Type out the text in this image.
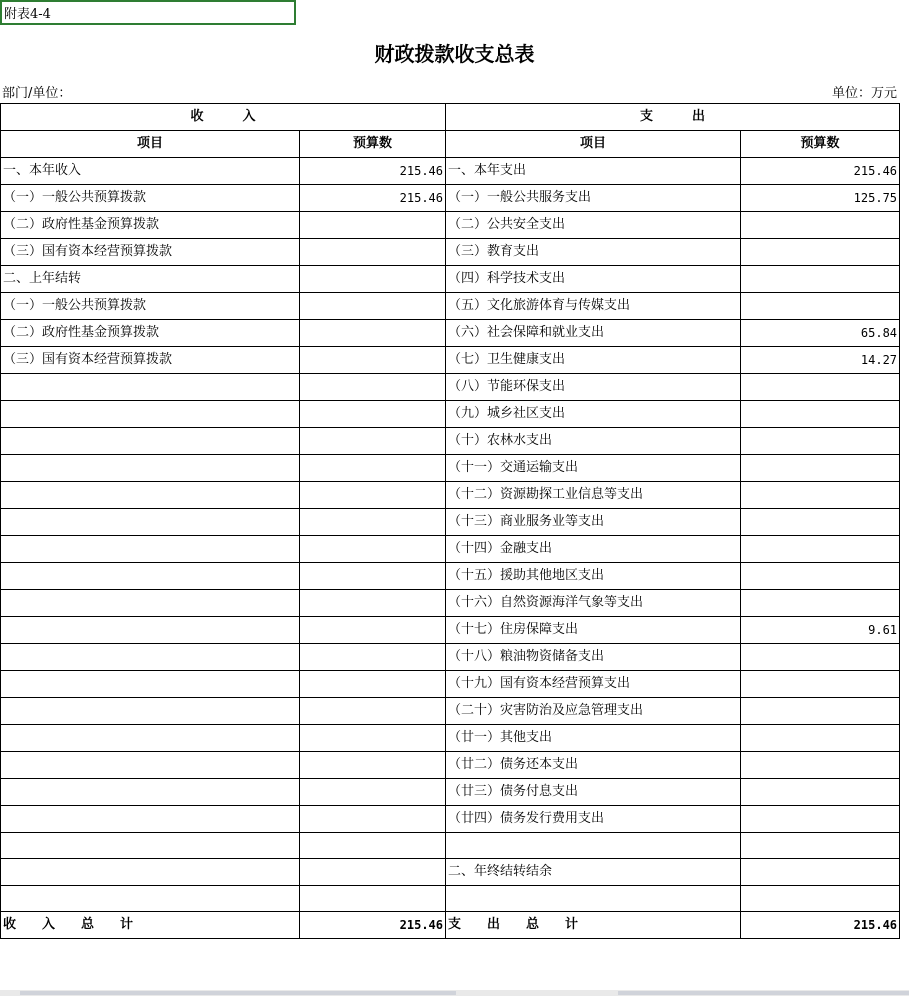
附表4-4
财政拨款收支总表
部门/单位：	单位：万元
收　　　入		支　　　出	
项目	预算数	项目	预算数
一、本年收入	215.46	一、本年支出	215.46
（一）一般公共预算拨款	215.46	（一）一般公共服务支出	125.75
（二）政府性基金预算拨款		（二）公共安全支出	
（三）国有资本经营预算拨款		（三）教育支出	
二、上年结转		（四）科学技术支出	
（一）一般公共预算拨款		（五）文化旅游体育与传媒支出	
（二）政府性基金预算拨款		（六）社会保障和就业支出	65.84
（三）国有资本经营预算拨款		（七）卫生健康支出	14.27
		（八）节能环保支出	
		（九）城乡社区支出	
		（十）农林水支出	
		（十一）交通运输支出	
		（十二）资源勘探工业信息等支出	
		（十三）商业服务业等支出	
		（十四）金融支出	
		（十五）援助其他地区支出	
		（十六）自然资源海洋气象等支出	
		（十七）住房保障支出	9.61
		（十八）粮油物资储备支出	
		（十九）国有资本经营预算支出	
		（二十）灾害防治及应急管理支出	
		（廿一）其他支出	
		（廿二）债务还本支出	
		（廿三）债务付息支出	
		（廿四）债务发行费用支出	

		二、年终结转结余	

收　　入　　总　　计	215.46	支　　出　　总　　计	215.46
